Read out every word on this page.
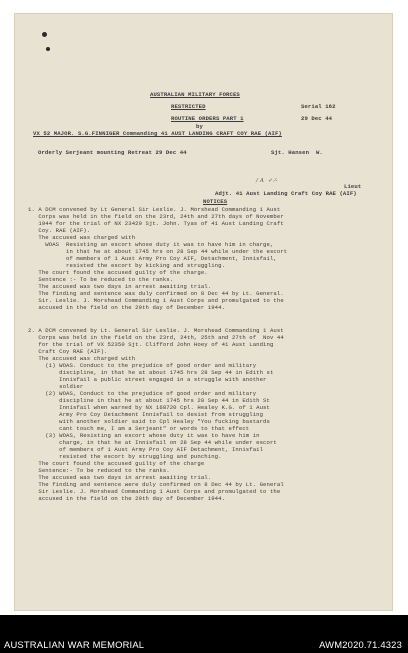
AUSTRALIAN MILITARY FORCES
RESTRICTED	Serial 162
ROUTINE ORDERS PART 1	29 Dec 44
by
VX 52 MAJOR. S.G.FINNIGER Commanding 41 AUST LANDING CRAFT COY RAE (AIF)
Orderly Serjeant mounting Retreat 29 Dec 44	Sjt. Hansen  W.
/ A  ✓ ⁄-
Lieut
Adjt. 41 Aust Landing Craft Coy RAE (AIF)
NOTICES
1. A DCM convened by Lt General Sir Leslie. J. Morshead Commanding 1 Aust
Corps was held in the field on the 23rd, 24th and 27th days of November
1944 for the trial of NX 23429 Sjt. John. Tyas of 41 Aust Landing Craft
Coy. RAE (AIF).
The accused was charged with
WOAS  Resisting an escort whose duty it was to have him in charge,
in that he at about 1745 hrs on 28 Sep 44 while under the escort
of members of 1 Aust Army Pro Coy AIF, Detachment, Innisfail,
resisted the escort by kicking and struggling.
The court found the accused guilty of the charge.
Sentence :- To be reduced to the ranks.
The accused was two days in arrest awaiting trial.
The finding and sentence was duly confirmed on 8 Dec 44 by Lt. General.
Sir. Leslie. J. Morshead Commanding 1 Aust Corps and promulgated to the
accused in the field on the 20th day of December 1944.
2. A DCM convened by Lt. General Sir Leslie. J. Morshead Commanding 1 Aust
Corps was held in the field on the 23rd, 24th, 25th and 27th of  Nov 44
for the trial of VX 52350 Sjt. Clifford John Hoey of 41 Aust Landing
Craft Coy RAE (AIF).
The accused was charged with
(1) WOAS. Conduct to the prejudice of good order and military
discipline, in that he at about 1745 hrs 28 Sep 44 in Edith st
Innisfail a public street engaged in a struggle with another
soldier
(2) WOAS, Conduct to the prejudice of good order and military
discipline in that he at about 1745 hrs 28 Sep 44 in Edith St
Innisfail when warned by NX 168720 Cpl. Healey K.G. of 1 Aust
Army Pro Coy Detachment Innisfail to desist from struggling
with another soldier said to Cpl Healey "You fucking bastards
cant touch me, I am a Serjeant" or words to that effect
(3) WOAS, Resisting an escort whose duty it was to have him in
charge, in that he at Innisfail on 28 Sep 44 while under escort
of members of 1 Aust Army Pro Coy AIF Detachment, Innisfail
resisted the escort by struggling and punching.
The court found the accused guilty of the charge
Sentence:- To be reduced to the ranks.
The accused was two days in arrest awaiting trial.
The finding and sentence were duly confirmed on 8 Dec 44 by Lt. General
Sir Leslie. J. Morshead Commanding 1 Aust Corps and promulgated to the
accused in the field on the 20th day of December 1944.
AUSTRALIAN WAR MEMORIAL	AWM2020.71.4323
